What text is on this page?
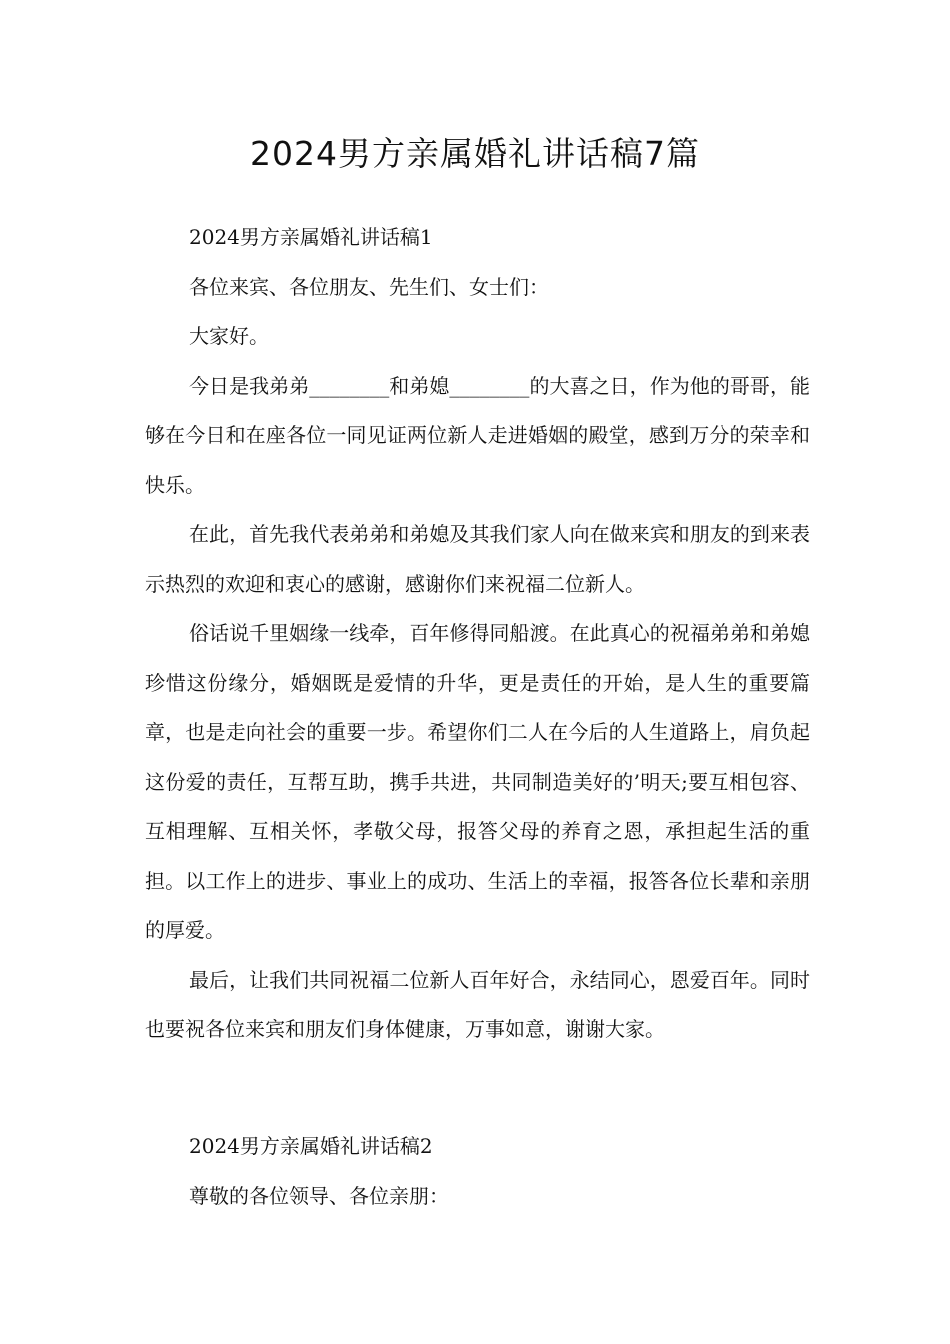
2024男方亲属婚礼讲话稿7篇
2024男方亲属婚礼讲话稿1

各位来宾、各位朋友、先生们、女士们：

大家好。

今日是我弟弟________和弟媳________的大喜之日，作为他的哥哥，能够在今日和在座各位一同见证两位新人走进婚姻的殿堂，感到万分的荣幸和快乐。

在此，首先我代表弟弟和弟媳及其我们家人向在做来宾和朋友的到来表示热烈的欢迎和衷心的感谢，感谢你们来祝福二位新人。

俗话说千里姻缘一线牵，百年修得同船渡。在此真心的祝福弟弟和弟媳珍惜这份缘分，婚姻既是爱情的升华，更是责任的开始，是人生的重要篇章，也是走向社会的重要一步。希望你们二人在今后的人生道路上，肩负起这份爱的责任，互帮互助，携手共进，共同制造美好的’明天;要互相包容、互相理解、互相关怀，孝敬父母，报答父母的养育之恩，承担起生活的重担。以工作上的进步、事业上的成功、生活上的幸福，报答各位长辈和亲朋的厚爱。

最后，让我们共同祝福二位新人百年好合，永结同心，恩爱百年。同时也要祝各位来宾和朋友们身体健康，万事如意，谢谢大家。

2024男方亲属婚礼讲话稿2

尊敬的各位领导、各位亲朋：
